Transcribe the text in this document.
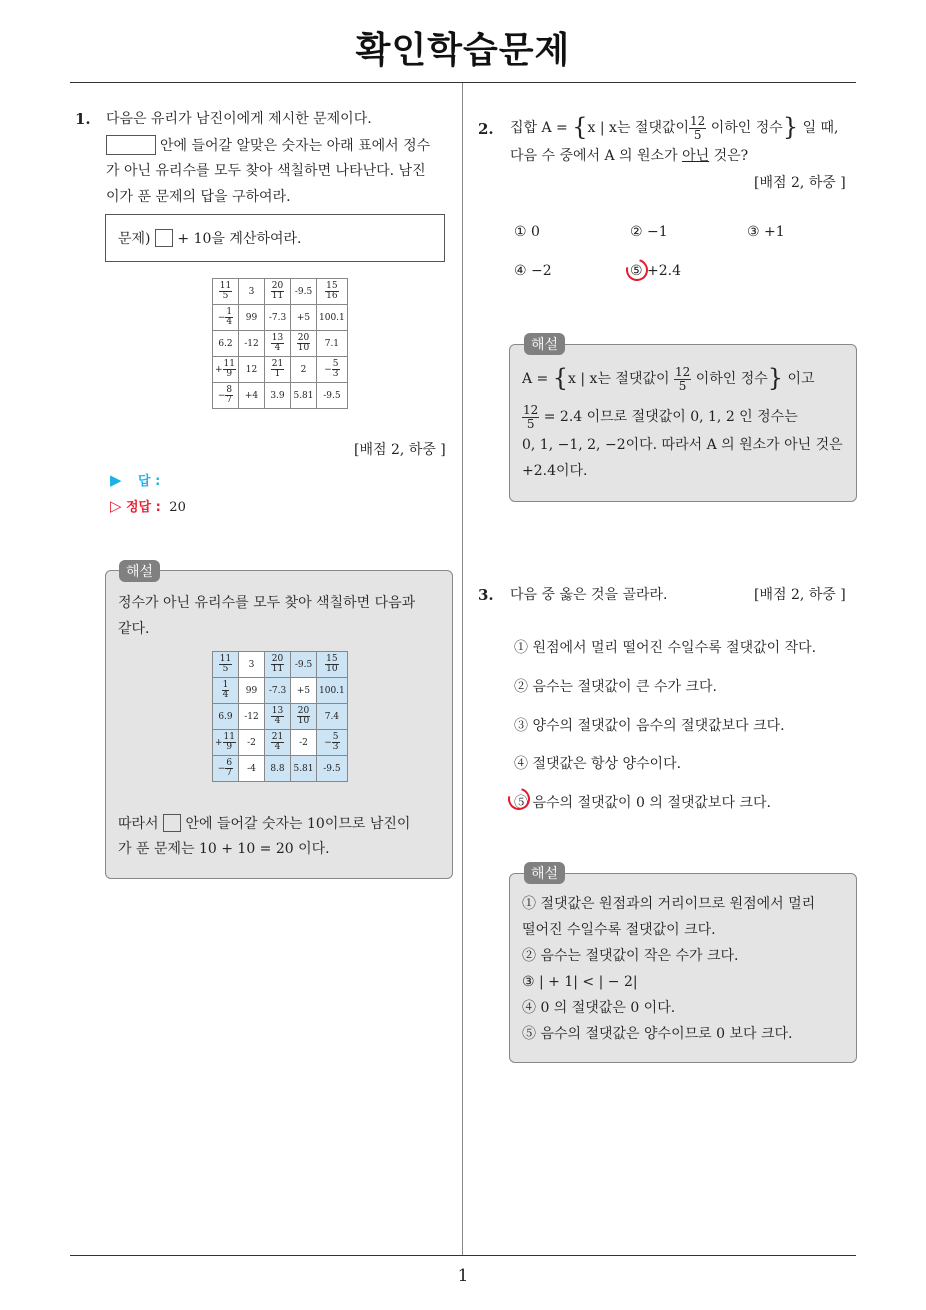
확인학습문제
1. 다음은 유리가 남진이에게 제시한 문제이다.
안에 들어갈 알맞은 숫자는 아래 표에서 정수
가 아닌 유리수를 모두 찾아 색칠하면 나타난다. 남진
이가 푼 문제의 답을 구하여라.
문제) + 10을 계산하여라.
$\frac{11}{5}$	3	$\frac{20}{11}$	-9.5	$\frac{15}{16}$

− $\frac{1}{4}$	99	-7.3	+5	100.1
6.2	-12	$\frac{13}{4}$	$\frac{20}{10}$	7.1
+ $\frac{11}{9}$	12	$\frac{21}{1}$	2	− $\frac{5}{3}$

− $\frac{8}{7}$	+4	3.9	5.81	-9.5
[배점 2, 하중 ]
▶ 답 :
▷ 정답 : 20
정수가 아닌 유리수를 모두 찾아 색칠하면 다음과
같다.
$\frac{11}{5}$	3	$\frac{20}{11}$	-9.5	$\frac{15}{10}$

$\frac{1}{4}$	99	-7.3	+5	100.1
6.9	-12	$\frac{13}{4}$	$\frac{20}{10}$	7.4
+ $\frac{11}{9}$	-2	$\frac{21}{4}$	-2	− $\frac{5}{3}$

− $\frac{6}{7}$	-4	8.8	5.81	-9.5
따라서 안에 들어갈 숫자는 10이므로 남진이
가 푼 문제는 10 + 10 = 20 이다.
해설
2. 집합 A = {x | x는 절댓값이 $\frac{12}{5}$ 이하인 정수} 일 때,
다음 수 중에서 A 의 원소가 아닌 것은?
[배점 2, 하중 ]
① 0	② −1	③ +1
④ −2	⑤ +2.4
A = {x | x는 절댓값이 $\frac{12}{5}$ 이하인 정수} 이고
$\frac{12}{5} = 2.4$ 이므로 절댓값이 0, 1, 2 인 정수는
0, 1, −1, 2, −2이다. 따라서 A 의 원소가 아닌 것은
+2.4이다.
해설
3. 다음 중 옳은 것을 골라라.	[배점 2, 하중 ]
① 원점에서 멀리 떨어진 수일수록 절댓값이 작다.
② 음수는 절댓값이 큰 수가 크다.
③ 양수의 절댓값이 음수의 절댓값보다 크다.
④ 절댓값은 항상 양수이다.
⑤ 음수의 절댓값이 0 의 절댓값보다 크다.
① 절댓값은 원점과의 거리이므로 원점에서 멀리
떨어진 수일수록 절댓값이 크다.
② 음수는 절댓값이 작은 수가 크다.
③ | + 1| < | − 2|
④ 0 의 절댓값은 0 이다.
⑤ 음수의 절댓값은 양수이므로 0 보다 크다.
해설
1
